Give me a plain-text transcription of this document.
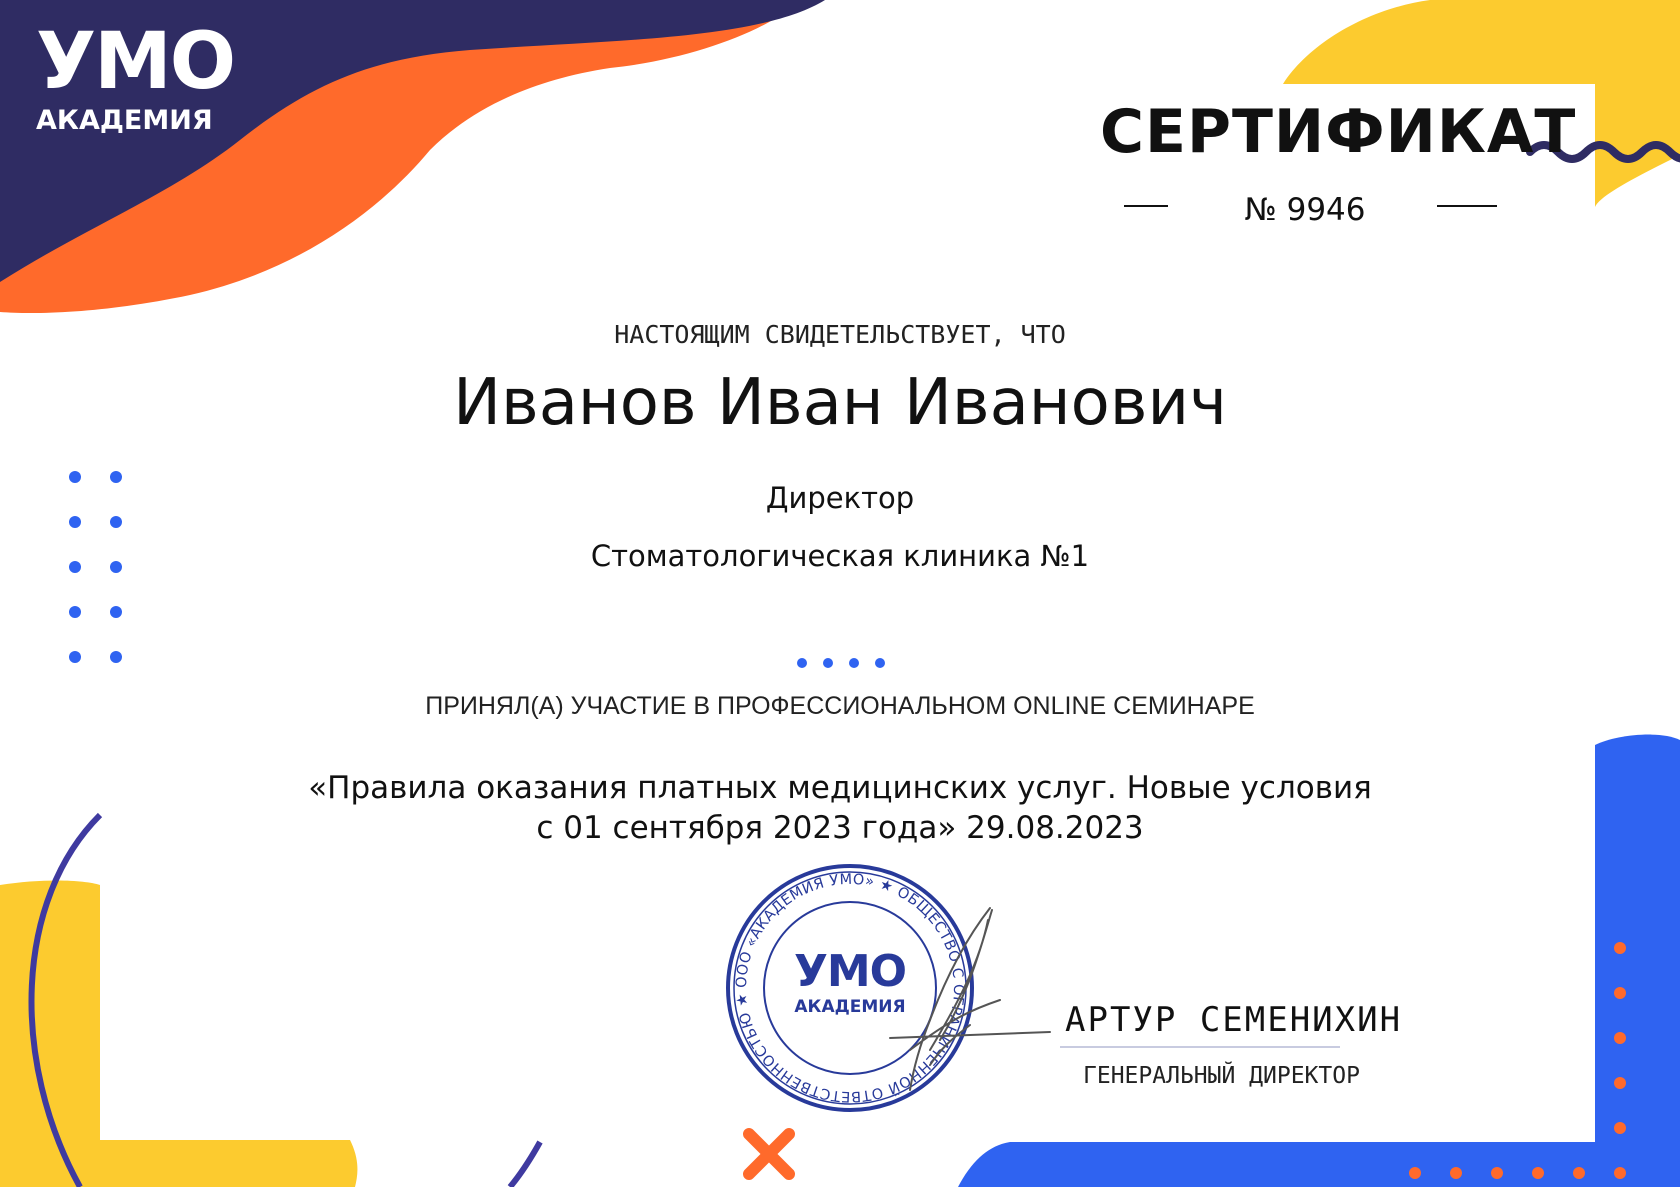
УМО
АКАДЕМИЯ	СЕРТИФИКАТ
№ 9946
НАСТОЯЩИМ СВИДЕТЕЛЬСТВУЕТ, ЧТО
Иванов Иван Иванович
Директор
Стоматологическая клиника №1
ПРИНЯЛ(А) УЧАСТИЕ В ПРОФЕССИОНАЛЬНОМ ONLINE СЕМИНАРЕ
«Правила оказания платных медицинских услуг. Новые условия
с 01 сентября 2023 года» 29.08.2023
ООО «АКАДЕМИЯ УМО» ★ ОБЩЕСТВО С ОГРАНИЧЕННОЙ ОТВЕТСТВЕННОСТЬЮ ★
УМО
АКАДЕМИЯ	АРТУР СЕМЕНИХИН
ГЕНЕРАЛЬНЫЙ ДИРЕКТОР
